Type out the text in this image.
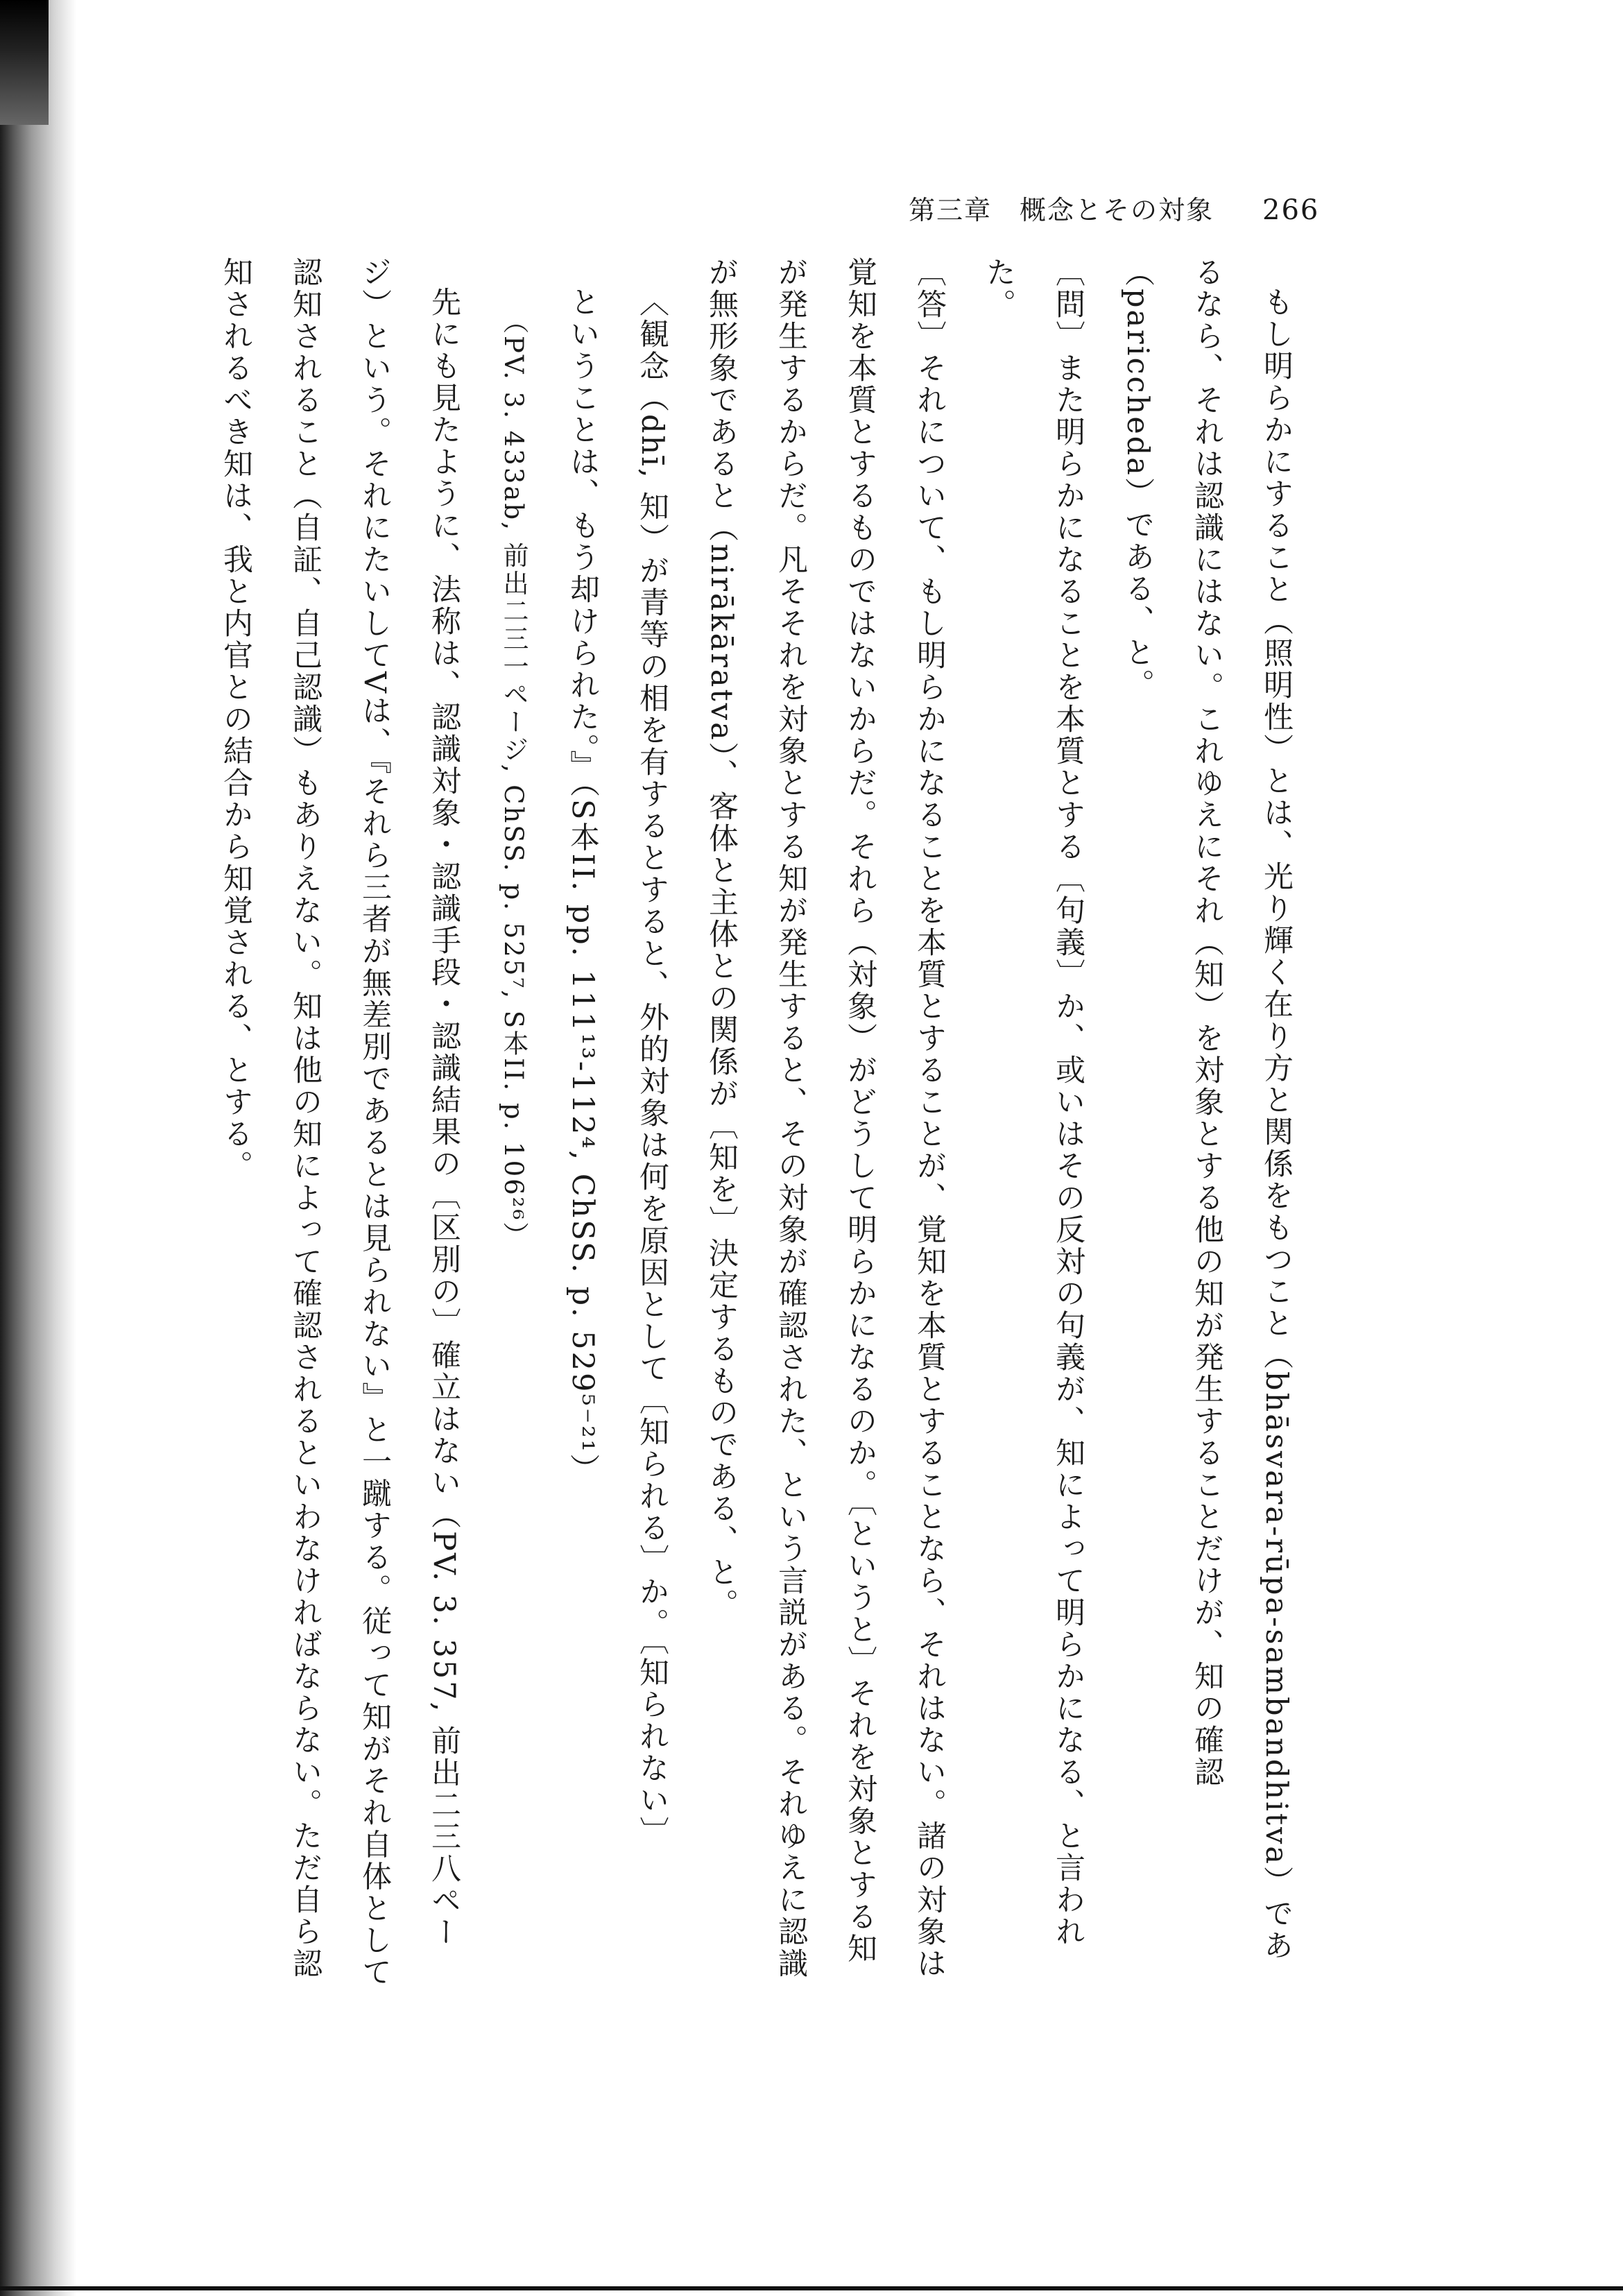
第三章　概念とその対象 266

もし明らかにすること（照明性）とは、光り輝く在り方と関係をもつこと（bhāsvara-rūpa-sambandhitva）であるなら、それは認識にはない。これゆえにそれ（知）を対象とする他の知が発生することだけが、知の確認（pariccheda）である、と。

〔問〕また明らかになることを本質とする〔句義〕か、或いはその反対の句義が、知によって明らかになる、と言われた。

〔答〕それについて、もし明らかになることを本質とすることが、覚知を本質とすることなら、それはない。諸の対象は覚知を本質とするものではないからだ。それら（対象）がどうして明らかになるのか。〔というと〕それを対象とする知が発生するからだ。凡そそれを対象とする知が発生すると、その対象が確認された、という言説がある。それゆえに認識が無形象であると（nirākāratva）、客体と主体との関係が〔知を〕決定するものである、と。

〈観念（dhī, 知）が青等の相を有するとすると、外的対象は何を原因として〔知られる〕か。〔知られない〕

ということは、もう却けられた。』（S本II. pp. 111¹³-112⁴, ChSS. p. 529⁵⁻²¹）

（PV. 3. 433ab, 前出二三一ページ, ChSS. p. 525⁷, S本II. p. 106²⁶）

先にも見たように、法称は、認識対象・認識手段・認識結果の〔区別の〕確立はない（PV. 3. 357, 前出二三八ページ）という。それにたいしてVは、『それら三者が無差別であるとは見られない』と一蹴する。従って知がそれ自体として認知されること（自証、自己認識）もありえない。知は他の知によって確認されるといわなければならない。ただ自ら認知されるべき知は、我と内官との結合から知覚される、とする。
